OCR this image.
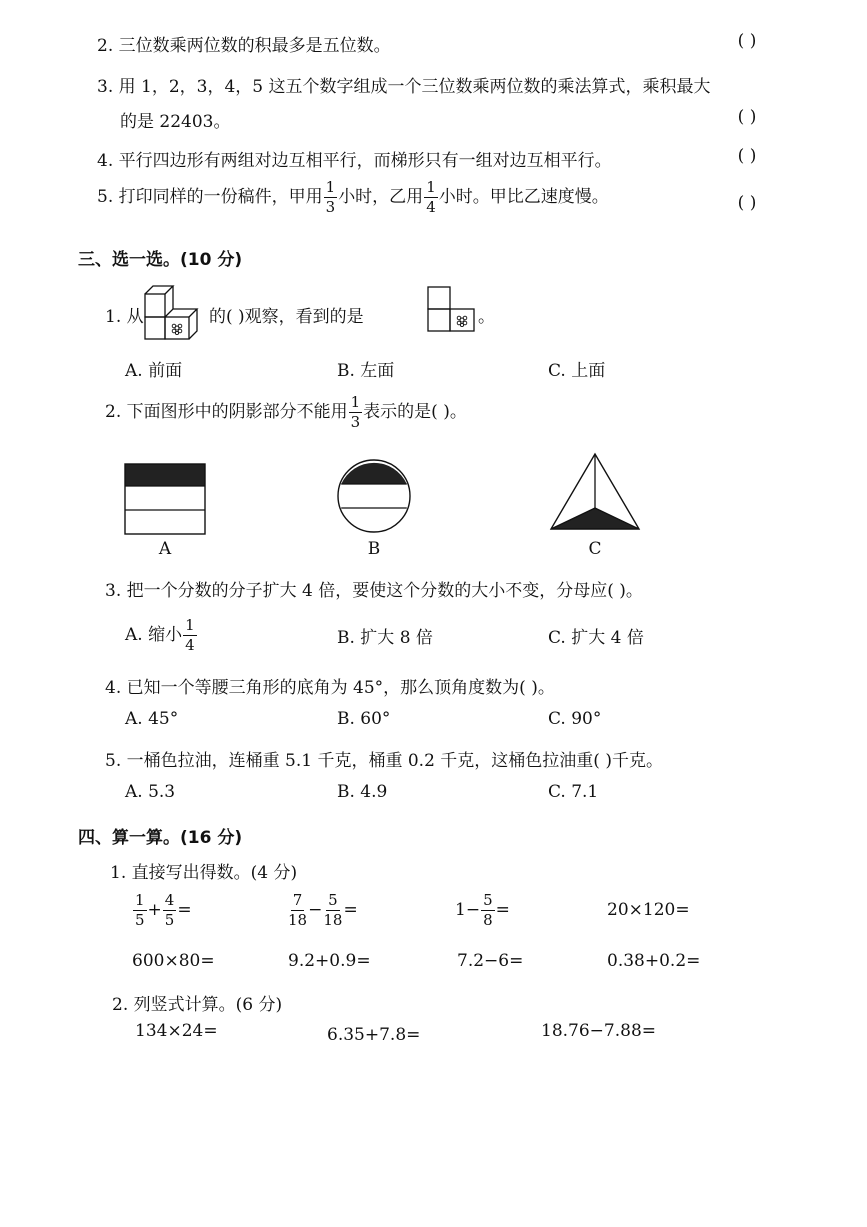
2. 三位数乘两位数的积最多是五位数。	( )
3. 用 1，2，3，4，5 这五个数字组成一个三位数乘两位数的乘法算式，乘积最大
的是 22403。	( )
4. 平行四边形有两组对边互相平行，而梯形只有一组对边互相平行。	( )
5. 打印同样的一份稿件，甲用 $\frac{1}{3}$ 小时，乙用 $\frac{1}{4}$ 小时。甲比乙速度慢。	( )
三、选一选。(10 分)
1. 从	的( )观察，看到的是	。
A. 前面	B. 左面	C. 上面
2. 下面图形中的阴影部分不能用 $\frac{1}{3}$ 表示的是( )。
A	B	C
3. 把一个分数的分子扩大 4 倍，要使这个分数的大小不变，分母应( )。
A. 缩小 $\frac{1}{4}$	B. 扩大 8 倍	C. 扩大 4 倍
4. 已知一个等腰三角形的底角为 45°，那么顶角度数为( )。
A. 45°	B. 60°	C. 90°
5. 一桶色拉油，连桶重 5.1 千克，桶重 0.2 千克，这桶色拉油重( )千克。
A. 5.3	B. 4.9	C. 7.1
四、算一算。(16 分)
1. 直接写出得数。(4 分)
$\frac{1}{5} + \frac{4}{5}$ =	$\frac{7}{18} - \frac{5}{18}$ =	$1- \frac{5}{8}$ =	20×120=
600×80=	9.2+0.9=	7.2−6=	0.38+0.2=
2. 列竖式计算。(6 分)
134×24=	6.35+7.8=	18.76−7.88=
